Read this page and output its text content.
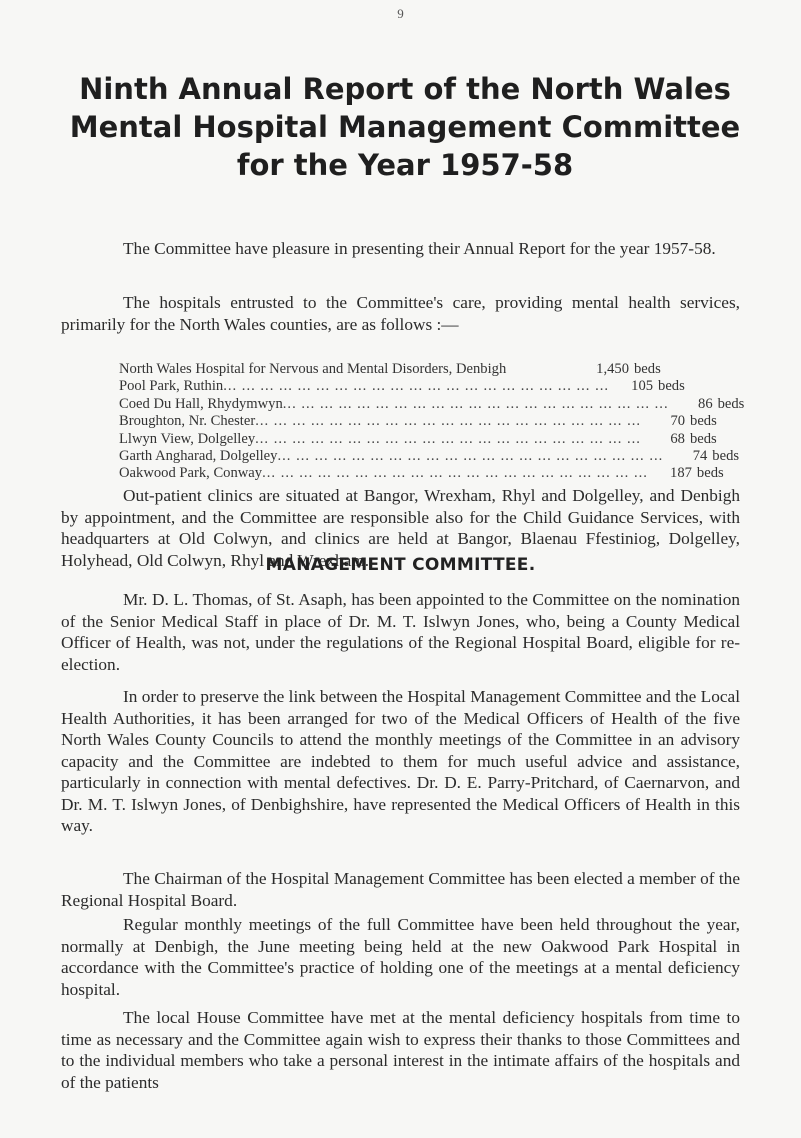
9
Ninth Annual Report of the North Wales
Mental Hospital Management Committee
for the Year 1957-58

The Committee have pleasure in presenting their Annual Report for the year 1957-58.

The hospitals entrusted to the Committee's care, providing mental health services, primarily for the North Wales counties, are as follows :—

North Wales Hospital for Nervous and Mental Disorders, Denbigh	1,450 beds
Pool Park, Ruthin ... ... ... ... ... ... ... ... ... ... ... ... ... ... ... ... ... ... ... ... ...	105 beds
Coed Du Hall, Rhydymwyn ... ... ... ... ... ... ... ... ... ... ... ... ... ... ... ... ... ... ... ... ...	86 beds
Broughton, Nr. Chester ... ... ... ... ... ... ... ... ... ... ... ... ... ... ... ... ... ... ... ... ...	70 beds
Llwyn View, Dolgelley ... ... ... ... ... ... ... ... ... ... ... ... ... ... ... ... ... ... ... ... ...	68 beds
Garth Angharad, Dolgelley ... ... ... ... ... ... ... ... ... ... ... ... ... ... ... ... ... ... ... ... ...	74 beds
Oakwood Park, Conway ... ... ... ... ... ... ... ... ... ... ... ... ... ... ... ... ... ... ... ... ...	187 beds

Out-patient clinics are situated at Bangor, Wrexham, Rhyl and Dolgelley, and Denbigh by appointment, and the Committee are responsible also for the Child Guidance Services, with headquarters at Old Colwyn, and clinics are held at Bangor, Blaenau Ffestiniog, Dolgelley, Holyhead, Old Colwyn, Rhyl and Wrexham.

MANAGEMENT COMMITTEE.

Mr. D. L. Thomas, of St. Asaph, has been appointed to the Committee on the nomination of the Senior Medical Staff in place of Dr. M. T. Islwyn Jones, who, being a County Medical Officer of Health, was not, under the regulations of the Regional Hospital Board, eligible for re-election.

In order to preserve the link between the Hospital Management Committee and the Local Health Authorities, it has been arranged for two of the Medical Officers of Health of the five North Wales County Councils to attend the monthly meetings of the Committee in an advisory capacity and the Committee are indebted to them for much useful advice and assistance, particularly in connection with mental defectives. Dr. D. E. Parry-Pritchard, of Caernarvon, and Dr. M. T. Islwyn Jones, of Denbighshire, have represented the Medical Officers of Health in this way.

The Chairman of the Hospital Management Committee has been elected a member of the Regional Hospital Board.

Regular monthly meetings of the full Committee have been held throughout the year, normally at Denbigh, the June meeting being held at the new Oakwood Park Hospital in accordance with the Committee's practice of holding one of the meetings at a mental deficiency hospital.

The local House Committee have met at the mental deficiency hospitals from time to time as necessary and the Committee again wish to express their thanks to those Committees and to the individual members who take a personal interest in the intimate affairs of the hospitals and of the patients
